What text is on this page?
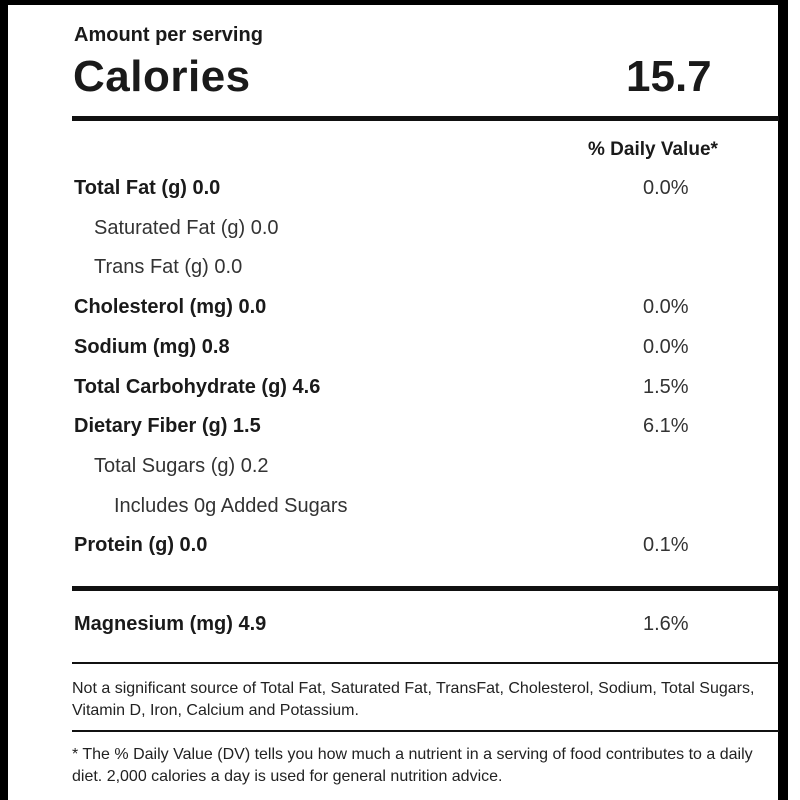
Amount per serving
Calories	15.7
% Daily Value*
Total Fat (g) 0.0	0.0%
Saturated Fat (g) 0.0
Trans Fat (g) 0.0
Cholesterol (mg) 0.0	0.0%
Sodium (mg) 0.8	0.0%
Total Carbohydrate (g) 4.6	1.5%
Dietary Fiber (g) 1.5	6.1%
Total Sugars (g) 0.2
Includes 0g Added Sugars
Protein (g) 0.0	0.1%
Magnesium (mg) 4.9	1.6%
Not a significant source of Total Fat, Saturated Fat, TransFat, Cholesterol, Sodium, Total Sugars, Vitamin D, Iron, Calcium and Potassium.
* The % Daily Value (DV) tells you how much a nutrient in a serving of food contributes to a daily diet. 2,000 calories a day is used for general nutrition advice.
